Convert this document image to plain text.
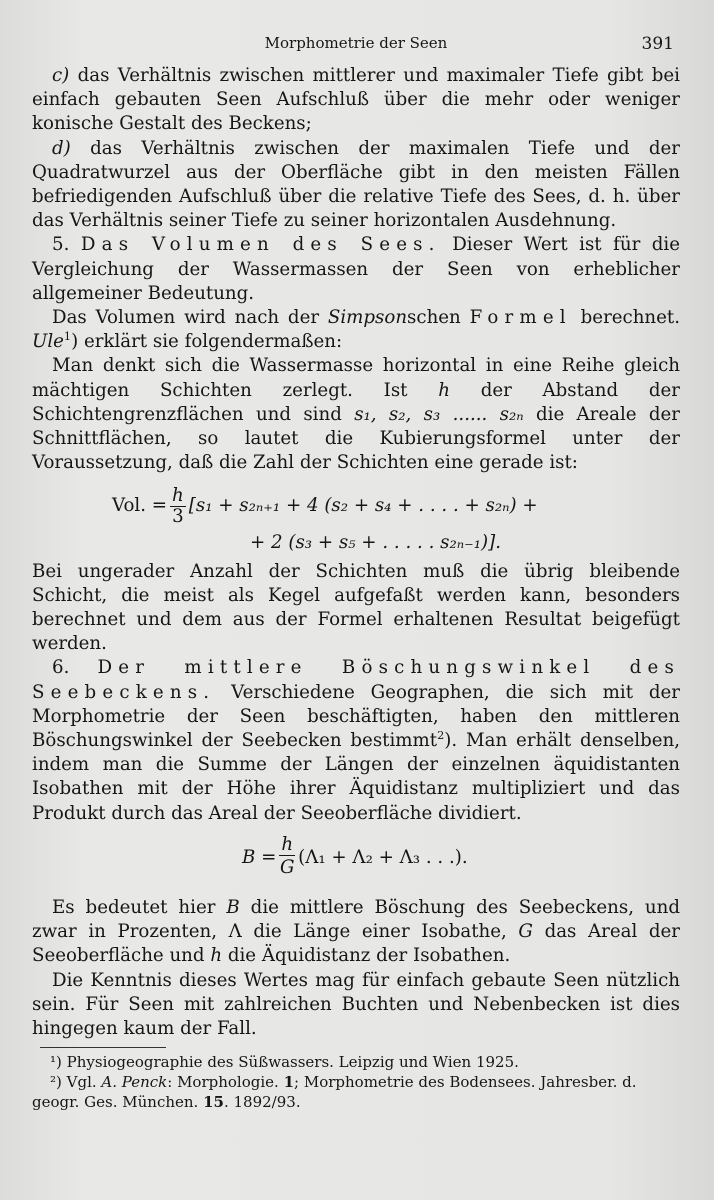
Morphometrie der Seen	391

c) das Verhältnis zwischen mittlerer und maximaler Tiefe gibt bei einfach gebauten Seen Aufschluß über die mehr oder weniger konische Gestalt des Beckens;

d) das Verhältnis zwischen der maximalen Tiefe und der Quadratwurzel aus der Oberfläche gibt in den meisten Fällen befriedigenden Aufschluß über die relative Tiefe des Sees, d. h. über das Verhältnis seiner Tiefe zu seiner horizontalen Ausdehnung.

5. Das Volumen des Sees. Dieser Wert ist für die Vergleichung der Wassermassen der Seen von erheblicher allgemeiner Bedeutung.

Das Volumen wird nach der Simpsonschen Formel berechnet. Ule$^1$) erklärt sie folgendermaßen:

Man denkt sich die Wassermasse horizontal in eine Reihe gleich mächtigen Schichten zerlegt. Ist h der Abstand der Schichtengrenzflächen und sind s₁, s₂, s₃ ...... s₂ₙ die Areale der Schnittflächen, so lautet die Kubierungsformel unter der Voraussetzung, daß die Zahl der Schichten eine gerade ist:

Vol. = $\frac{h}{3} [s_1 + s_{2n+1} + 4$ (s₂ + s₄ + . . . . + s₂ₙ) +
+ 2 (s₃ + s₅ + . . . . . s₂ₙ₋₁)].

Bei ungerader Anzahl der Schichten muß die übrig bleibende Schicht, die meist als Kegel aufgefaßt werden kann, besonders berechnet und dem aus der Formel erhaltenen Resultat beigefügt werden.

6. Der mittlere Böschungswinkel des Seebeckens. Verschiedene Geographen, die sich mit der Morphometrie der Seen beschäftigten, haben den mittleren Böschungswinkel der Seebecken bestimmt$^2$). Man erhält denselben, indem man die Summe der Längen der einzelnen äquidistanten Isobathen mit der Höhe ihrer Äquidistanz multipliziert und das Produkt durch das Areal der Seeoberfläche dividiert.

$B = \frac{h}{G} (\Lambda_1 + \Lambda_2 + \Lambda_3$ . . .).

Es bedeutet hier B die mittlere Böschung des Seebeckens, und zwar in Prozenten, Λ die Länge einer Isobathe, G das Areal der Seeoberfläche und h die Äquidistanz der Isobathen.

Die Kenntnis dieses Wertes mag für einfach gebaute Seen nützlich sein. Für Seen mit zahlreichen Buchten und Nebenbecken ist dies hingegen kaum der Fall.

¹) Physiogeographie des Süßwassers. Leipzig und Wien 1925.

²) Vgl. A. Penck: Morphologie. 1; Morphometrie des Bodensees. Jahresber. d. geogr. Ges. München. 15. 1892/93.
